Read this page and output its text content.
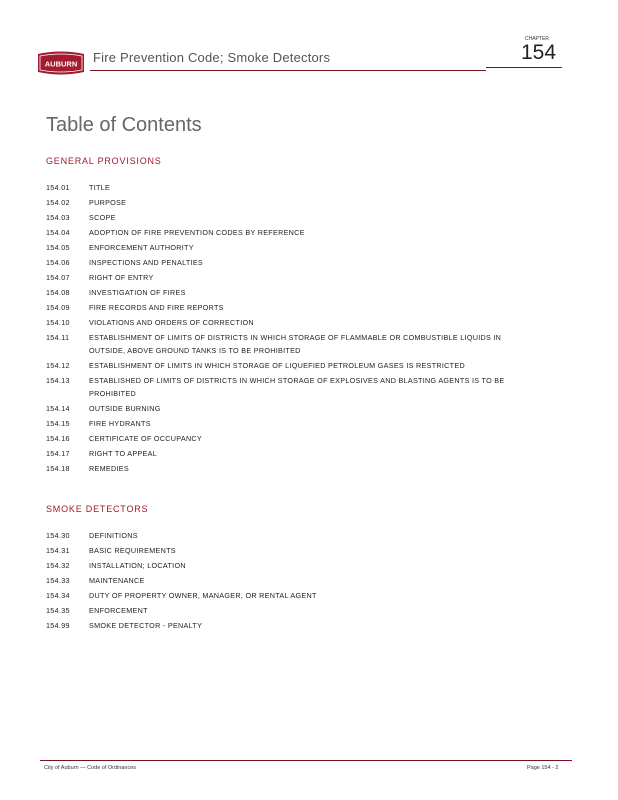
AUBURN Fire Prevention Code; Smoke Detectors
CHAPTER
154
Table of Contents
GENERAL PROVISIONS
154.01	TITLE
154.02	PURPOSE
154.03	SCOPE
154.04	ADOPTION OF FIRE PREVENTION CODES BY REFERENCE
154.05	ENFORCEMENT AUTHORITY
154.06	INSPECTIONS AND PENALTIES
154.07	RIGHT OF ENTRY
154.08	INVESTIGATION OF FIRES
154.09	FIRE RECORDS AND FIRE REPORTS
154.10	VIOLATIONS AND ORDERS OF CORRECTION
154.11	ESTABLISHMENT OF LIMITS OF DISTRICTS IN WHICH STORAGE OF FLAMMABLE OR COMBUSTIBLE LIQUIDS IN OUTSIDE, ABOVE GROUND TANKS IS TO BE PROHIBITED
154.12	ESTABLISHMENT OF LIMITS IN WHICH STORAGE OF LIQUEFIED PETROLEUM GASES IS RESTRICTED
154.13	ESTABLISHED OF LIMITS OF DISTRICTS IN WHICH STORAGE OF EXPLOSIVES AND BLASTING AGENTS IS TO BE PROHIBITED
154.14	OUTSIDE BURNING
154.15	FIRE HYDRANTS
154.16	CERTIFICATE OF OCCUPANCY
154.17	RIGHT TO APPEAL
154.18	REMEDIES
SMOKE DETECTORS
154.30	DEFINITIONS
154.31	BASIC REQUIREMENTS
154.32	INSTALLATION; LOCATION
154.33	MAINTENANCE
154.34	DUTY OF PROPERTY OWNER, MANAGER, OR RENTAL AGENT
154.35	ENFORCEMENT
154.99	SMOKE DETECTOR - PENALTY
City of Auburn — Code of Ordinances	Page 154 - 2
